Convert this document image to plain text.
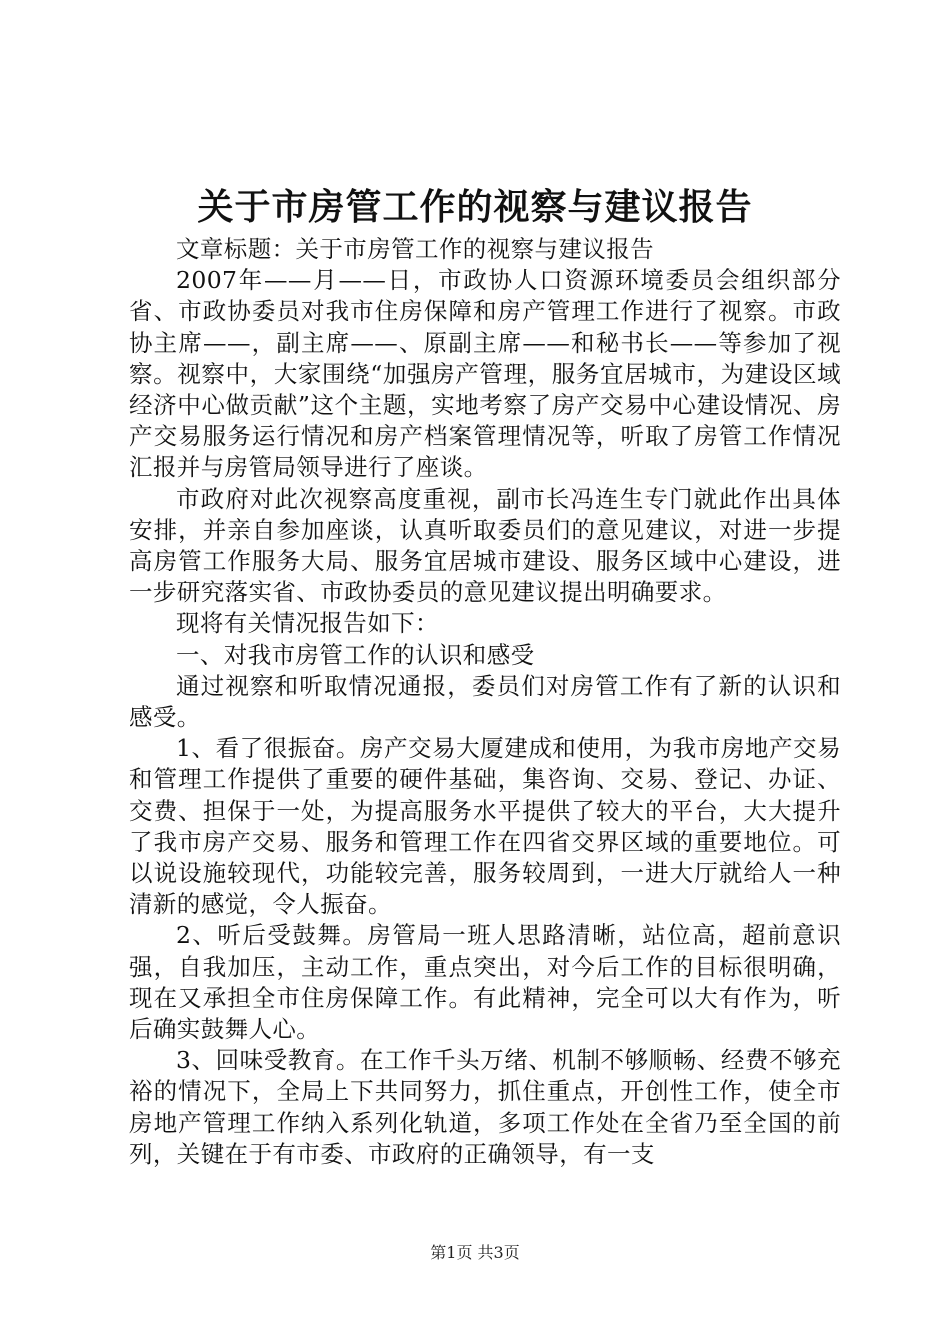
关于市房管工作的视察与建议报告

文章标题：关于市房管工作的视察与建议报告

2007年——月——日，市政协人口资源环境委员会组织部分省、市政协委员对我市住房保障和房产管理工作进行了视察。市政协主席——，副主席——、原副主席——和秘书长——等参加了视察。视察中，大家围绕“加强房产管理，服务宜居城市，为建设区域经济中心做贡献”这个主题，实地考察了房产交易中心建设情况、房产交易服务运行情况和房产档案管理情况等，听取了房管工作情况汇报并与房管局领导进行了座谈。

市政府对此次视察高度重视，副市长冯连生专门就此作出具体安排，并亲自参加座谈，认真听取委员们的意见建议，对进一步提高房管工作服务大局、服务宜居城市建设、服务区域中心建设，进一步研究落实省、市政协委员的意见建议提出明确要求。

现将有关情况报告如下：

一、对我市房管工作的认识和感受

通过视察和听取情况通报，委员们对房管工作有了新的认识和感受。

1、看了很振奋。房产交易大厦建成和使用，为我市房地产交易和管理工作提供了重要的硬件基础，集咨询、交易、登记、办证、交费、担保于一处，为提高服务水平提供了较大的平台，大大提升了我市房产交易、服务和管理工作在四省交界区域的重要地位。可以说设施较现代，功能较完善，服务较周到，一进大厅就给人一种清新的感觉，令人振奋。

2、听后受鼓舞。房管局一班人思路清晰，站位高，超前意识强，自我加压，主动工作，重点突出，对今后工作的目标很明确，现在又承担全市住房保障工作。有此精神，完全可以大有作为，听后确实鼓舞人心。

3、回味受教育。在工作千头万绪、机制不够顺畅、经费不够充裕的情况下，全局上下共同努力，抓住重点，开创性工作，使全市房地产管理工作纳入系列化轨道，多项工作处在全省乃至全国的前列，关键在于有市委、市政府的正确领导，有一支

第1页 共3页
